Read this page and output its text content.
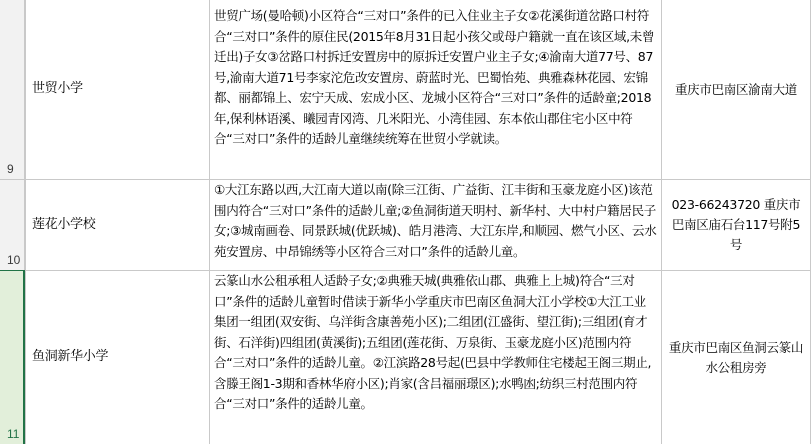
9
10
11
世贸小学
世贸广场(曼哈顿)小区符合“三对口”条件的已入住业主子女②花溪街道岔路口村符合“三对口”条件的原住民(2015年8月31日起小孩父或母户籍就一直在该区域,未曾迁出)子女③岔路口村拆迁安置房中的原拆迁安置户业主子女;④渝南大道77号、87号,渝南大道71号李家沱危改安置房、蔚蓝时光、巴蜀怡苑、典雅森林花园、宏锦都、丽都锦上、宏宁天成、宏成小区、龙城小区符合“三对口”条件的适龄童;2018年,保利林语溪、曦园青冈湾、几米阳光、小湾佳园、东本依山郡住宅小区中符合“三对口”条件的适龄儿童继续统筹在世贸小学就读。
重庆市巴南区渝南大道
莲花小学校
①大江东路以西,大江南大道以南(除三江街、广益街、江丰街和玉豪龙庭小区)该范围内符合“三对口”条件的适龄儿童;②鱼洞街道天明村、新华村、大中村户籍居民子女;③城南画卷、同景跃城(优跃城)、皓月港湾、大江东岸,和顺园、燃气小区、云水苑安置房、中昂锦绣等小区符合三对口”条件的适龄儿童。
023-66243720 重庆市巴南区庙石台117号附5号
鱼洞新华小学
云篆山水公租承租人适龄子女;②典雅天城(典雅依山郡、典雅上上城)符合“三对口”条件的适龄儿童暂时借读于新华小学重庆市巴南区鱼洞大江小学校①大江工业集团一组团(双安街、乌洋街含康善苑小区);二组团(江盛街、望江街);三组团(育才街、石洋街)四组团(黄溪街);五组团(莲花街、万泉街、玉豪龙庭小区)范围内符合“三对口”条件的适龄儿童。②江滨路28号起(巴县中学教师住宅楼起王阁三期止,含滕王阁1-3期和香林华府小区);肖家(含吕福丽璟区);水鸭凼;纺织三村范围内符合“三对口”条件的适龄儿童。
重庆市巴南区鱼洞云篆山水公租房旁
